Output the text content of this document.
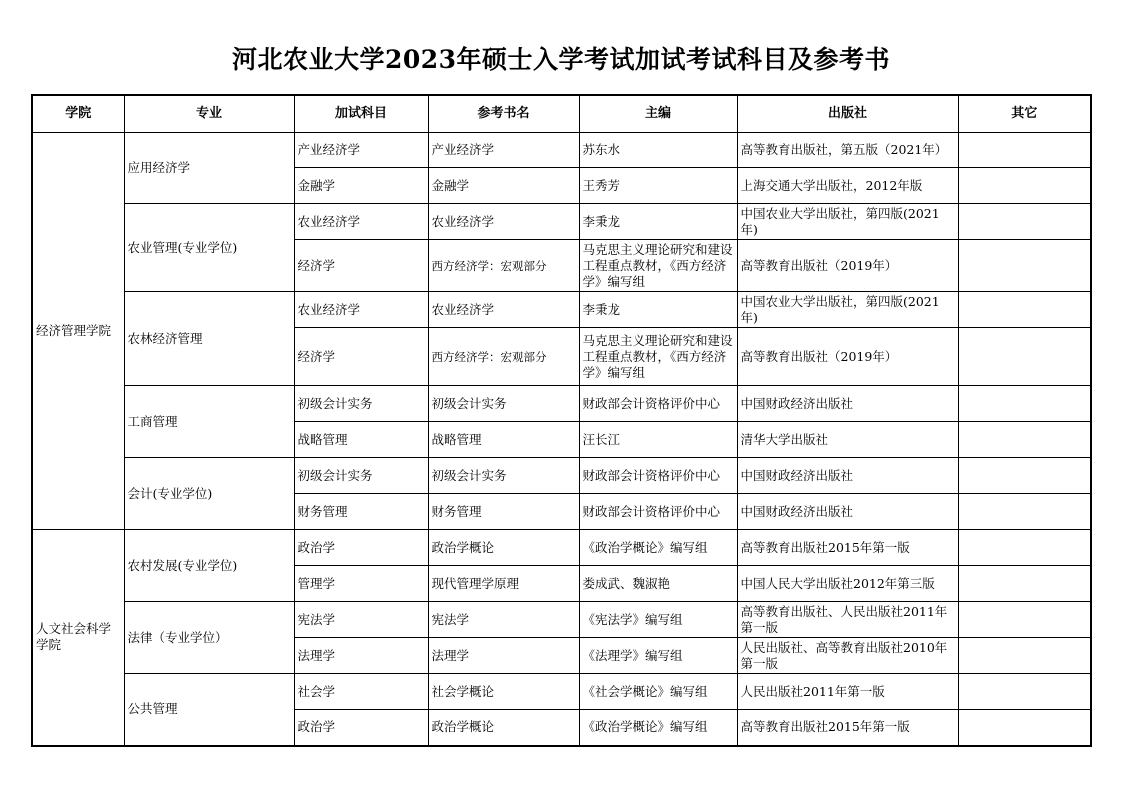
河北农业大学2023年硕士入学考试加试考试科目及参考书
学院	专业	加试科目	参考书名	主编	出版社	其它
经济管理学院	应用经济学	产业经济学	产业经济学	苏东水	高等教育出版社，第五版（2021年）	
		金融学	金融学	王秀芳	上海交通大学出版社，2012年版	
	农业管理(专业学位)	农业经济学	农业经济学	李秉龙	中国农业大学出版社，第四版(2021年)	
		经济学	西方经济学：宏观部分	马克思主义理论研究和建设工程重点教材，《西方经济学》编写组	高等教育出版社（2019年）	
	农林经济管理	农业经济学	农业经济学	李秉龙	中国农业大学出版社，第四版(2021年)	
		经济学	西方经济学：宏观部分	马克思主义理论研究和建设工程重点教材，《西方经济学》编写组	高等教育出版社（2019年）	
	工商管理	初级会计实务	初级会计实务	财政部会计资格评价中心	中国财政经济出版社	
		战略管理	战略管理	汪长江	清华大学出版社	
	会计(专业学位)	初级会计实务	初级会计实务	财政部会计资格评价中心	中国财政经济出版社	
		财务管理	财务管理	财政部会计资格评价中心	中国财政经济出版社	
人文社会科学学院	农村发展(专业学位)	政治学	政治学概论	《政治学概论》编写组	高等教育出版社2015年第一版	
		管理学	现代管理学原理	娄成武、魏淑艳	中国人民大学出版社2012年第三版	
	法律（专业学位）	宪法学	宪法学	《宪法学》编写组	高等教育出版社、人民出版社2011年第一版	
		法理学	法理学	《法理学》编写组	人民出版社、高等教育出版社2010年第一版	
	公共管理	社会学	社会学概论	《社会学概论》编写组	人民出版社2011年第一版	
		政治学	政治学概论	《政治学概论》编写组	高等教育出版社2015年第一版	
